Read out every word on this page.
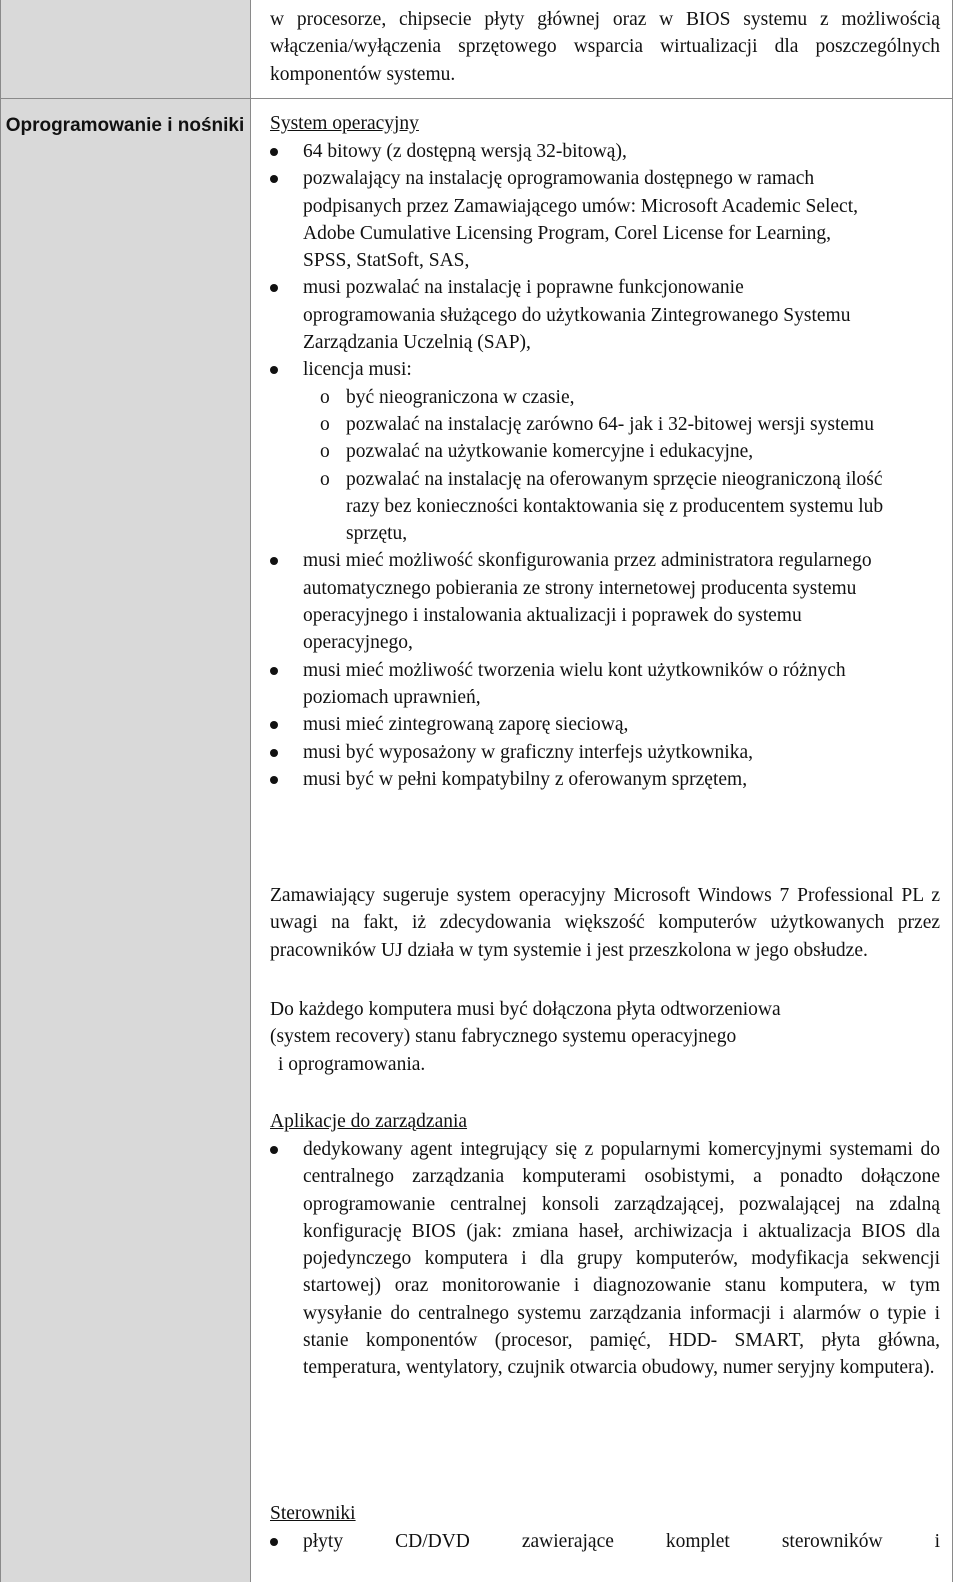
w procesorze, chipsecie płyty głównej oraz w BIOS systemu z możliwością włączenia/wyłączenia sprzętowego wsparcia wirtualizacji dla poszczególnych komponentów systemu.
Oprogramowanie i nośniki System operacyjny
64 bitowy (z dostępną wersją 32-bitową),
pozwalający na instalację oprogramowania dostępnego w ramach podpisanych przez Zamawiającego umów: Microsoft Academic Select, Adobe Cumulative Licensing Program, Corel License for Learning, SPSS, StatSoft, SAS,
musi pozwalać na instalację i poprawne funkcjonowanie oprogramowania służącego do użytkowania Zintegrowanego Systemu Zarządzania Uczelnią (SAP),
licencja musi:
o być nieograniczona w czasie,
o pozwalać na instalację zarówno 64- jak i 32-bitowej wersji systemu
o pozwalać na użytkowanie komercyjne i edukacyjne,
o pozwalać na instalację na oferowanym sprzęcie nieograniczoną ilość razy bez konieczności kontaktowania się z producentem systemu lub sprzętu,
musi mieć możliwość skonfigurowania przez administratora regularnego automatycznego pobierania ze strony internetowej producenta systemu operacyjnego i instalowania aktualizacji i poprawek do systemu operacyjnego,
musi mieć możliwość tworzenia wielu kont użytkowników o różnych poziomach uprawnień,
musi mieć zintegrowaną zaporę sieciową,
musi być wyposażony w graficzny interfejs użytkownika,
musi być w pełni kompatybilny z oferowanym sprzętem,
Zamawiający sugeruje system operacyjny Microsoft Windows 7 Professional PL z uwagi na fakt, iż zdecydowania większość komputerów użytkowanych przez pracowników UJ działa w tym systemie i jest przeszkolona w jego obsłudze.
Do każdego komputera musi być dołączona płyta odtworzeniowa
(system recovery) stanu fabrycznego systemu operacyjnego
i oprogramowania.
Aplikacje do zarządzania
dedykowany agent integrujący się z popularnymi komercyjnymi systemami do centralnego zarządzania komputerami osobistymi, a ponadto dołączone oprogramowanie centralnej konsoli zarządzającej, pozwalającej na zdalną konfigurację BIOS (jak: zmiana haseł, archiwizacja i aktualizacja BIOS dla pojedynczego komputera i dla grupy komputerów, modyfikacja sekwencji startowej) oraz monitorowanie i diagnozowanie stanu komputera, w tym wysyłanie do centralnego systemu zarządzania informacji i alarmów o typie i stanie komponentów (procesor, pamięć, HDD- SMART, płyta główna, temperatura, wentylatory, czujnik otwarcia obudowy, numer seryjny komputera).
Sterowniki
płyty CD/DVD zawierające komplet sterowników i
